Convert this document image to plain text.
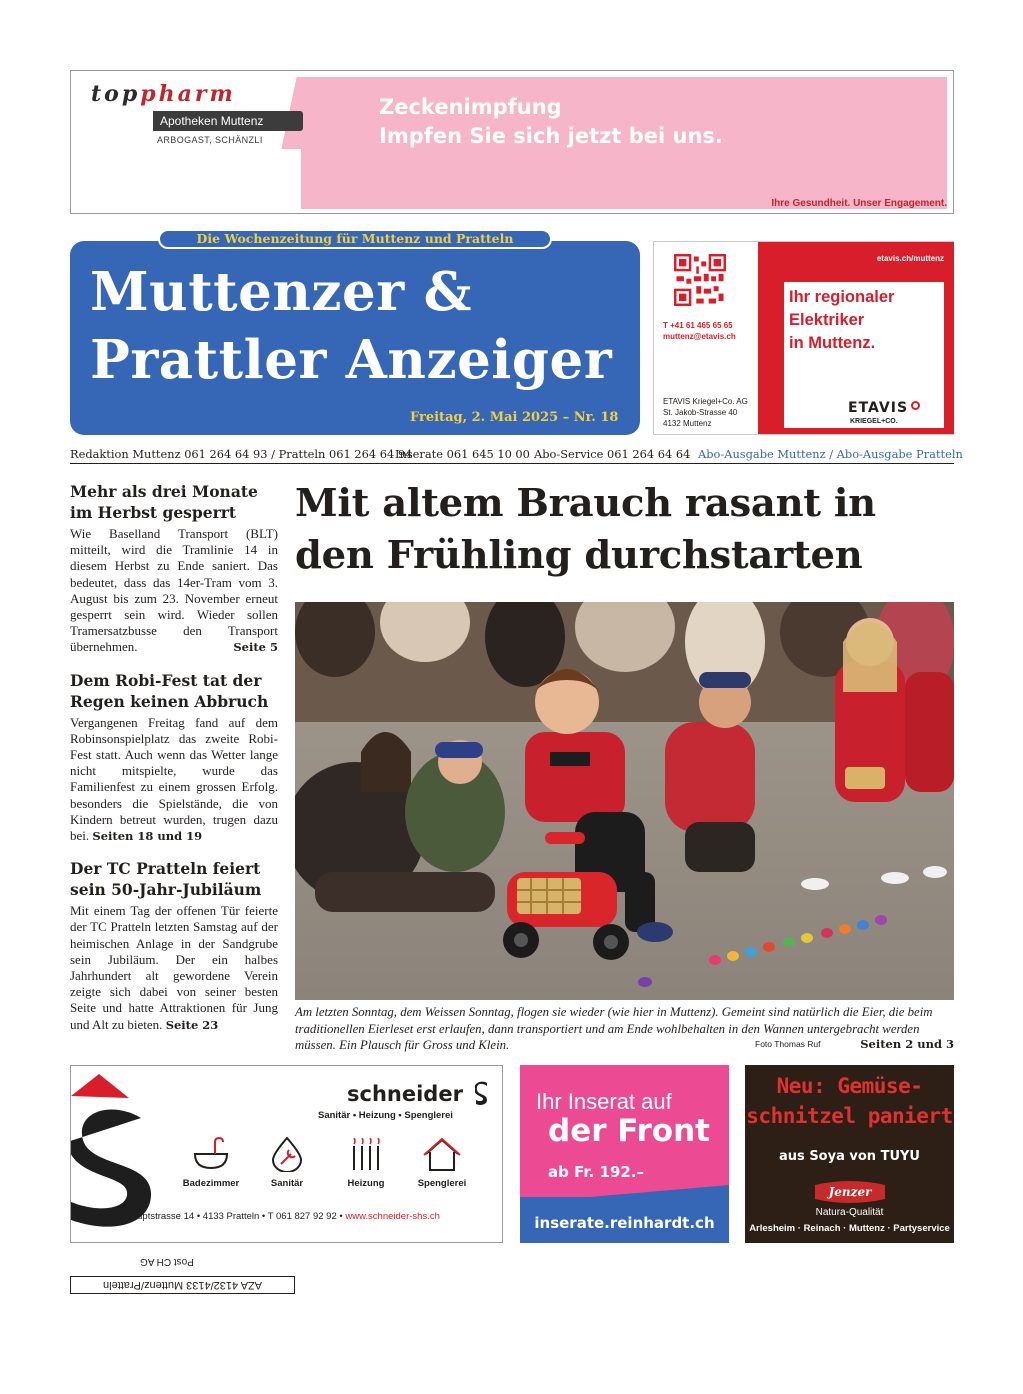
toppharm
Apotheken Muttenz
ARBOGAST, SCHÄNZLI
Zeckenimpfung
Impfen Sie sich jetzt bei uns.
Ihre Gesundheit. Unser Engagement.
Die Wochenzeitung für Muttenz und Pratteln
Muttenzer &
Prattler Anzeiger
Freitag, 2. Mai 2025 – Nr. 18
T +41 61 465 65 65
muttenz@etavis.ch
ETAVIS Kriegel+Co. AG
St. Jakob-Strasse 40
4132 Muttenz
etavis.ch/muttenz
Ihr regionaler
Elektriker
in Muttenz.
ETAVIS
KRIEGEL+CO.
Redaktion Muttenz 061 264 64 93 / Pratteln 061 264 64 94
Inserate 061 645 10 00 Abo-Service 061 264 64 64 Abo-Ausgabe Muttenz / Abo-Ausgabe Pratteln
Mehr als drei Monate im Herbst gesperrt

Wie Baselland Transport (BLT) mitteilt, wird die Tramlinie 14 in diesem Herbst zu Ende saniert. Das bedeutet, dass das 14er-Tram vom 3. August bis zum 23. November erneut gesperrt sein wird. Wieder sollen Tramersatzbusse den Transport übernehmen.	Seite 5

Dem Robi-Fest tat der Regen keinen Abbruch

Vergangenen Freitag fand auf dem Robinsonspielplatz das zweite Robi-Fest statt. Auch wenn das Wetter lange nicht mitspielte, wurde das Familienfest zu einem grossen Erfolg. besonders die Spielstände, die von Kindern betreut wurden, trugen dazu bei. Seiten 18 und 19

Der TC Pratteln feiert sein 50-Jahr-Jubiläum

Mit einem Tag der offenen Tür feierte der TC Pratteln letzten Samstag auf der heimischen Anlage in der Sandgrube sein Jubiläum. Der ein halbes Jahrhundert alt gewordene Verein zeigte sich dabei von seiner besten Seite und hatte Attraktionen für Jung und Alt zu bieten. Seite 23

Mit altem Brauch rasant in
den Frühling durchstarten
Am letzten Sonntag, dem Weissen Sonntag, flogen sie wieder (wie hier in Muttenz). Gemeint sind natürlich die Eier, die beim traditionellen Eierleset erst erlaufen, dann transportiert und am Ende wohlbehalten in den Wannen untergebracht werden müssen. Ein Plausch für Gross und Klein.	Foto Thomas Ruf	Seiten 2 und 3
schneider
Sanitär • Heizung • Spenglerei
Badezimmer	Sanitär	Heizung	Spenglerei
Hauptstrasse 14 • 4133 Pratteln • T 061 827 92 92 • www.schneider-shs.ch
Ihr Inserat auf
der Front
ab Fr. 192.–
inserate.reinhardt.ch
Neu: Gemüse-
schnitzel paniert
aus Soya von TUYU
Jenzer
Natura-Qualität
Arlesheim · Reinach · Muttenz · Partyservice
Post CH AG
AZA 4132/4133 Muttenz/Pratteln
